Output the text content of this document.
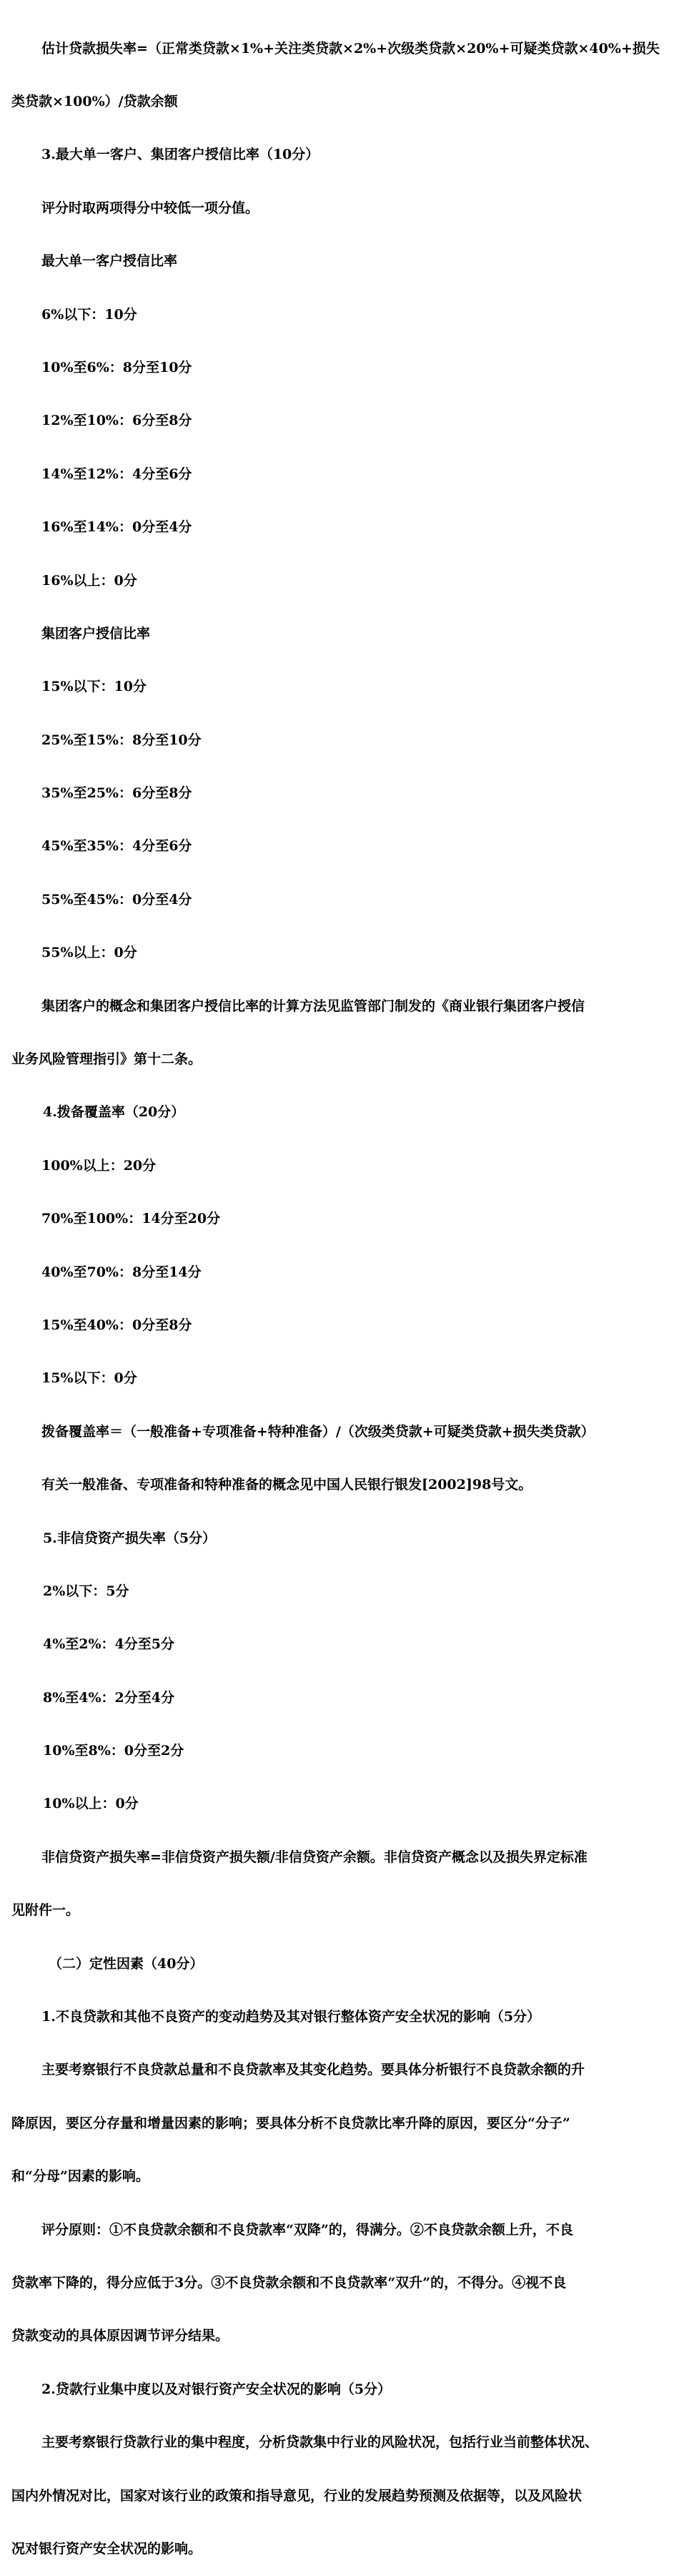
估计贷款损失率=（正常类贷款×1%+关注类贷款×2%+次级类贷款×20%+可疑类贷款×40%+损失

类贷款×100%）/贷款余额

3.最大单一客户、集团客户授信比率（10分）

评分时取两项得分中较低一项分值。

最大单一客户授信比率

6%以下：10分

10%至6%：8分至10分

12%至10%：6分至8分

14%至12%：4分至6分

16%至14%：0分至4分

16%以上：0分

集团客户授信比率

15%以下：10分

25%至15%：8分至10分

35%至25%：6分至8分

45%至35%：4分至6分

55%至45%：0分至4分

55%以上：0分

集团客户的概念和集团客户授信比率的计算方法见监管部门制发的《商业银行集团客户授信

业务风险管理指引》第十二条。

4.拨备覆盖率（20分）

100%以上：20分

70%至100%：14分至20分

40%至70%：8分至14分

15%至40%：0分至8分

15%以下：0分

拨备覆盖率＝（一般准备+专项准备+特种准备）/（次级类贷款+可疑类贷款+损失类贷款）

有关一般准备、专项准备和特种准备的概念见中国人民银行银发[2002]98号文。

5.非信贷资产损失率（5分）

2%以下：5分

4%至2%：4分至5分

8%至4%：2分至4分

10%至8%：0分至2分

10%以上：0分

非信贷资产损失率=非信贷资产损失额/非信贷资产余额。非信贷资产概念以及损失界定标准

见附件一。

（二）定性因素（40分）

1.不良贷款和其他不良资产的变动趋势及其对银行整体资产安全状况的影响（5分）

主要考察银行不良贷款总量和不良贷款率及其变化趋势。要具体分析银行不良贷款余额的升

降原因，要区分存量和增量因素的影响；要具体分析不良贷款比率升降的原因，要区分“分子”

和“分母”因素的影响。

评分原则：①不良贷款余额和不良贷款率“双降”的，得满分。②不良贷款余额上升，不良

贷款率下降的，得分应低于3分。③不良贷款余额和不良贷款率“双升”的，不得分。④视不良

贷款变动的具体原因调节评分结果。

2.贷款行业集中度以及对银行资产安全状况的影响（5分）

主要考察银行贷款行业的集中程度，分析贷款集中行业的风险状况，包括行业当前整体状况、

国内外情况对比，国家对该行业的政策和指导意见，行业的发展趋势预测及依据等，以及风险状

况对银行资产安全状况的影响。
